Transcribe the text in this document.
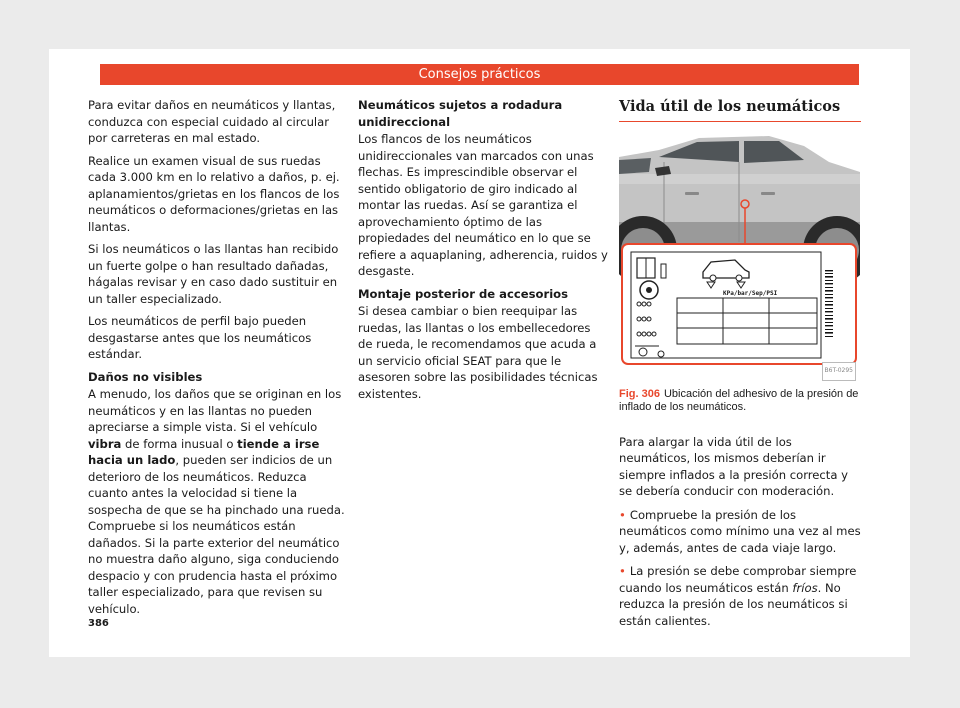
Consejos prácticos

Para evitar daños en neumáticos y llantas, conduzca con especial cuidado al circular por carreteras en mal estado.

Realice un examen visual de sus ruedas cada 3.000 km en lo relativo a daños, p. ej. aplanamientos/grietas en los flancos de los neumáticos o deformaciones/grietas en las llantas.

Si los neumáticos o las llantas han recibido un fuerte golpe o han resultado dañadas, hágalas revisar y en caso dado sustituir en un taller especializado.

Los neumáticos de perfil bajo pueden desgastarse antes que los neumáticos estándar.

Daños no visibles

A menudo, los daños que se originan en los neumáticos y en las llantas no pueden apreciarse a simple vista. Si el vehículo vibra de forma inusual o tiende a irse hacia un lado, pueden ser indicios de un deterioro de los neumáticos. Reduzca cuanto antes la velocidad si tiene la sospecha de que se ha pinchado una rueda. Compruebe si los neumáticos están dañados. Si la parte exterior del neumático no muestra daño alguno, siga conduciendo despacio y con prudencia hasta el próximo taller especializado, para que revisen su vehículo.

Neumáticos sujetos a rodadura unidireccional

Los flancos de los neumáticos unidireccionales van marcados con unas flechas. Es imprescindible observar el sentido obligatorio de giro indicado al montar las ruedas. Así se garantiza el aprovechamiento óptimo de las propiedades del neumático en lo que se refiere a aquaplaning, adherencia, ruidos y desgaste.

Montaje posterior de accesorios

Si desea cambiar o bien reequipar las ruedas, las llantas o los embellecedores de rueda, le recomendamos que acuda a un servicio oficial SEAT para que le asesoren sobre las posibilidades técnicas existentes.

Vida útil de los neumáticos
KPa/bar/Sep/PSI
B6T-0295
Fig. 306 Ubicación del adhesivo de la presión de inflado de los neumáticos.

Para alargar la vida útil de los neumáticos, los mismos deberían ir siempre inflados a la presión correcta y se debería conducir con moderación.

• Compruebe la presión de los neumáticos como mínimo una vez al mes y, además, antes de cada viaje largo.

• La presión se debe comprobar siempre cuando los neumáticos están fríos. No reduzca la presión de los neumáticos si están calientes.

386
